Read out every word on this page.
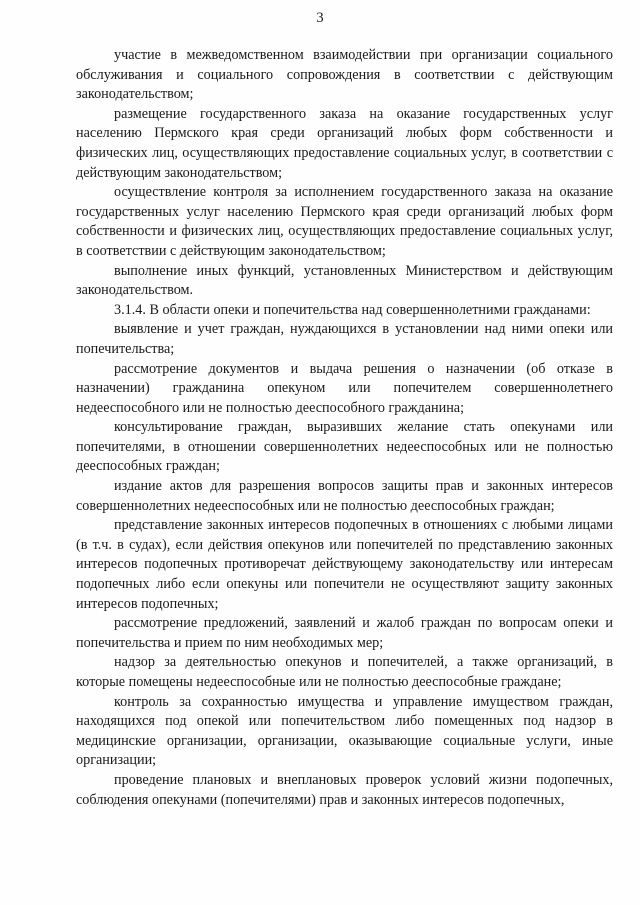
3

участие в межведомственном взаимодействии при организации социального обслуживания и социального сопровождения в соответствии с действующим законодательством;

размещение государственного заказа на оказание государственных услуг населению Пермского края среди организаций любых форм собственности и физических лиц, осуществляющих предоставление социальных услуг, в соответствии с действующим законодательством;

осуществление контроля за исполнением государственного заказа на оказание государственных услуг населению Пермского края среди организаций любых форм собственности и физических лиц, осуществляющих предоставление социальных услуг, в соответствии с действующим законодательством;

выполнение иных функций, установленных Министерством и действующим законодательством.

3.1.4. В области опеки и попечительства над совершеннолетними гражданами:

выявление и учет граждан, нуждающихся в установлении над ними опеки или попечительства;

рассмотрение документов и выдача решения о назначении (об отказе в назначении) гражданина опекуном или попечителем совершеннолетнего недееспособного или не полностью дееспособного гражданина;

консультирование граждан, выразивших желание стать опекунами или попечителями, в отношении совершеннолетних недееспособных или не полностью дееспособных граждан;

издание актов для разрешения вопросов защиты прав и законных интересов совершеннолетних недееспособных или не полностью дееспособных граждан;

представление законных интересов подопечных в отношениях с любыми лицами (в т.ч. в судах), если действия опекунов или попечителей по представлению законных интересов подопечных противоречат действующему законодательству или интересам подопечных либо если опекуны или попечители не осуществляют защиту законных интересов подопечных;

рассмотрение предложений, заявлений и жалоб граждан по вопросам опеки и попечительства и прием по ним необходимых мер;

надзор за деятельностью опекунов и попечителей, а также организаций, в которые помещены недееспособные или не полностью дееспособные граждане;

контроль за сохранностью имущества и управление имуществом граждан, находящихся под опекой или попечительством либо помещенных под надзор в медицинские организации, организации, оказывающие социальные услуги, иные организации;

проведение плановых и внеплановых проверок условий жизни подопечных, соблюдения опекунами (попечителями) прав и законных интересов подопечных,
